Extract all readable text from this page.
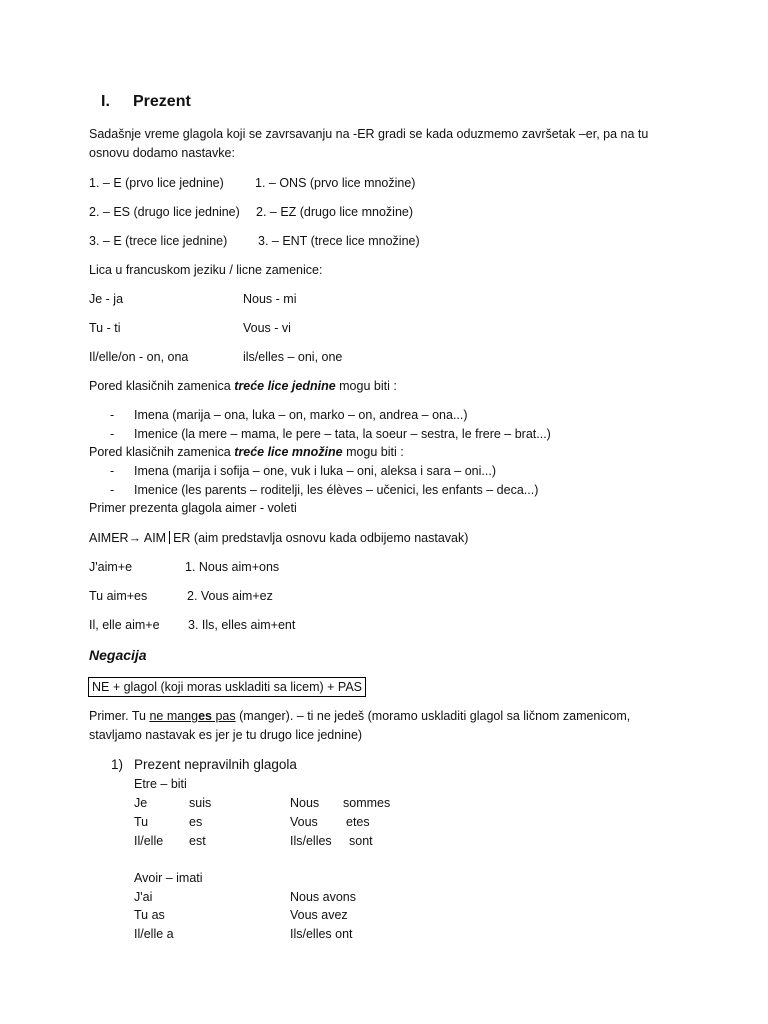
I. Prezent
Sadašnje vreme glagola koji se zavrsavanju na -ER gradi se kada oduzmemo završetak –er, pa na tu
osnovu dodamo nastavke:
1. – E (prvo lice jednine) 1. – ONS (prvo lice množine)
2. – ES (drugo lice jednine) 2. – EZ (drugo lice množine)
3. – E (trece lice jednine) 3. – ENT (trece lice množine)
Lica u francuskom jeziku / licne zamenice:
Je - ja	Nous - mi
Tu - ti	Vous - vi
Il/elle/on - on, ona	ils/elles – oni, one
Pored klasičnih zamenica treće lice jednine mogu biti :
- Imena (marija – ona, luka – on, marko – on, andrea – ona...)
- Imenice (la mere – mama, le pere – tata, la soeur – sestra, le frere – brat...)
Pored klasičnih zamenica treće lice množine mogu biti :
- Imena (marija i sofija – one, vuk i luka – oni, aleksa i sara – oni...)
- Imenice (les parents – roditelji, les élèves – učenici, les enfants – deca...)
Primer prezenta glagola aimer - voleti
AIMER→ AIM ER (aim predstavlja osnovu kada odbijemo nastavak)
J'aim+e	1. Nous aim+ons
Tu aim+es	2. Vous aim+ez
Il, elle aim+e 3. Ils, elles aim+ent
Negacija
NE + glagol (koji moras uskladiti sa licem) + PAS
Primer. Tu ne manges pas (manger). – ti ne jedeš (moramo uskladiti glagol sa ličnom zamenicom,
stavljamo nastavak es jer je tu drugo lice jednine)
1) Prezent nepravilnih glagola
Etre – biti
Je	suis	Nous sommes
Tu	es	Vous etes
Il/elle est	Ils/elles sont
Avoir – imati
J'ai	Nous avons
Tu as	Vous avez
Il/elle a	Ils/elles ont
